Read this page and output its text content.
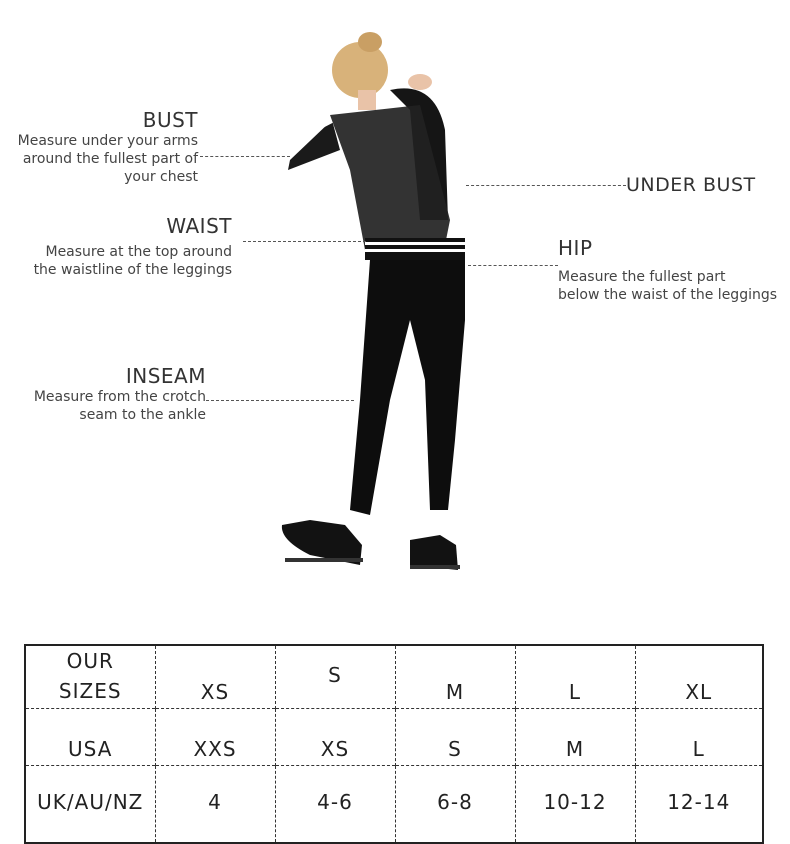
BUST
Measure under your arms
around the fullest part of
your chest	UNDER BUST
WAIST
Measure at the top around
the waistline of the leggings
HIP
Measure the fullest part
below the waist of the leggings
INSEAM
Measure from the crotch
seam to the ankle
OUR
SIZES	XS	S	M	L	XL
USA	XXS	XS	S	M	L
UK/AU/NZ	4	4-6	6-8	10-12	12-14
